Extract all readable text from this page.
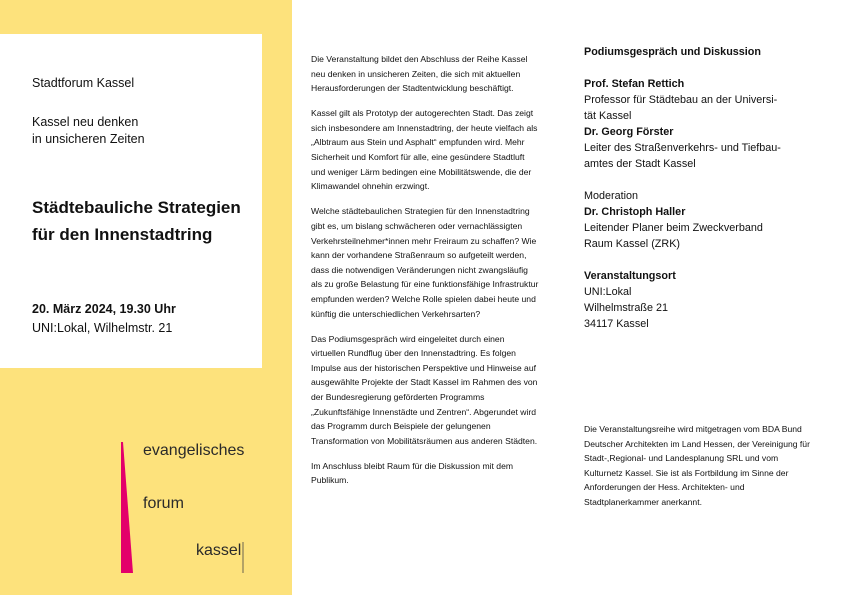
Stadtforum Kassel
Kassel neu denken
in unsicheren Zeiten
Städtebauliche Strategien
für den Innenstadtring
20. März 2024, 19.30 Uhr
UNI:Lokal, Wilhelmstr. 21
evangelisches
forum
kassel

Die Veranstaltung bildet den Abschluss der Reihe Kassel neu denken in unsicheren Zeiten, die sich mit aktuellen Herausforderungen der Stadtentwicklung beschäftigt.

Kassel gilt als Prototyp der autogerechten Stadt. Das zeigt sich insbesondere am Innenstadtring, der heute vielfach als „Albtraum aus Stein und Asphalt“ empfunden wird. Mehr Sicherheit und Komfort für alle, eine gesündere Stadtluft und weniger Lärm bedingen eine Mobilitätswende, die der Klimawandel ohnehin erzwingt.

Welche städtebaulichen Strategien für den Innenstadtring gibt es, um bislang schwächeren oder vernachlässigten Verkehrsteilnehmer*innen mehr Freiraum zu schaffen? Wie kann der vorhandene Straßenraum so aufgeteilt werden, dass die notwendigen Veränderungen nicht zwangsläufig als zu große Belastung für eine funktionsfähige Infrastruktur empfunden werden? Welche Rolle spielen dabei heute und künftig die unterschiedlichen Verkehrsarten?

Das Podiumsgespräch wird eingeleitet durch einen virtuellen Rundflug über den Innenstadtring. Es folgen Impulse aus der historischen Perspektive und Hinweise auf ausgewählte Projekte der Stadt Kassel im Rahmen des von der Bundesregierung geförderten Programms „Zukunftsfähige Innenstädte und Zentren“. Abgerundet wird das Programm durch Beispiele der gelungenen Transformation von Mobilitätsräumen aus anderen Städten.

Im Anschluss bleibt Raum für die Diskussion mit dem Publikum.

Podiumsgespräch und Diskussion
Prof. Stefan Rettich
Professor für Städtebau an der Universi-
tät Kassel
Dr. Georg Förster
Leiter des Straßenverkehrs- und Tiefbau-
amtes der Stadt Kassel
Moderation
Dr. Christoph Haller
Leitender Planer beim Zweckverband
Raum Kassel (ZRK)
Veranstaltungsort
UNI:Lokal
Wilhelmstraße 21
34117 Kassel
Die Veranstaltungsreihe wird mitgetragen vom BDA Bund Deutscher Architekten im Land Hessen, der Vereinigung für Stadt-,Regional- und Landesplanung SRL und vom Kulturnetz Kassel. Sie ist als Fortbildung im Sinne der Anforderungen der Hess. Architekten- und Stadtplanerkammer anerkannt.
